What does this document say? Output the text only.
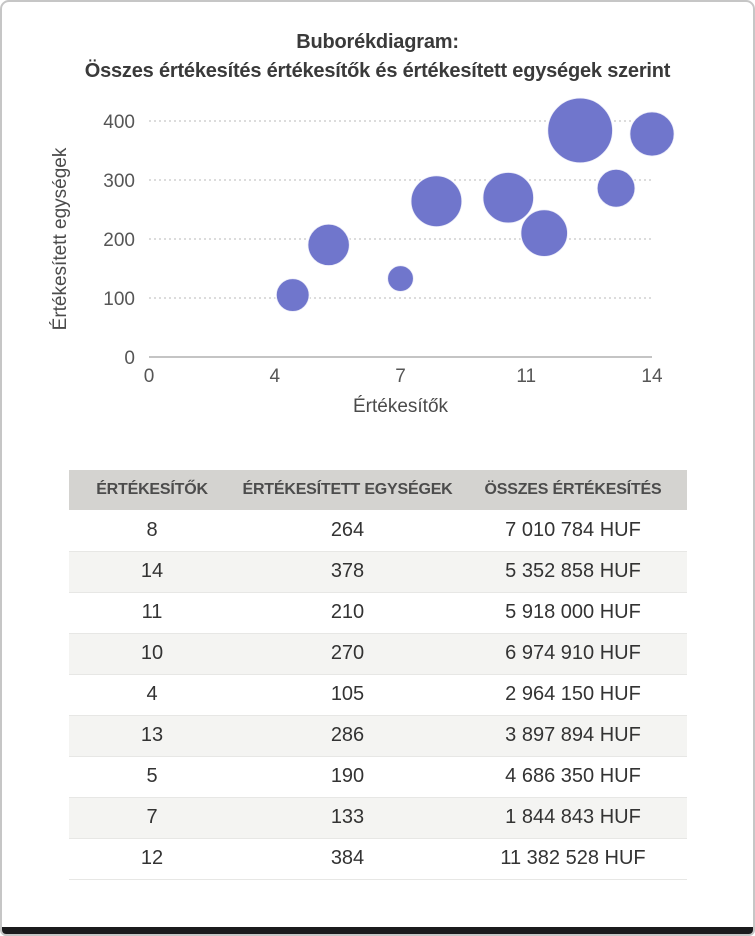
Buborékdiagram:
Összes értékesítés értékesítők és értékesített egységek szerint
0
100
200
300
400
0	4	7	11	14
Értékesítők
Értékesített egységek
ÉRTÉKESÍTŐK	ÉRTÉKESÍTETT EGYSÉGEK	ÖSSZES ÉRTÉKESÍTÉS
8	264	7 010 784 HUF
14	378	5 352 858 HUF
11	210	5 918 000 HUF
10	270	6 974 910 HUF
4	105	2 964 150 HUF
13	286	3 897 894 HUF
5	190	4 686 350 HUF
7	133	1 844 843 HUF
12	384	11 382 528 HUF
